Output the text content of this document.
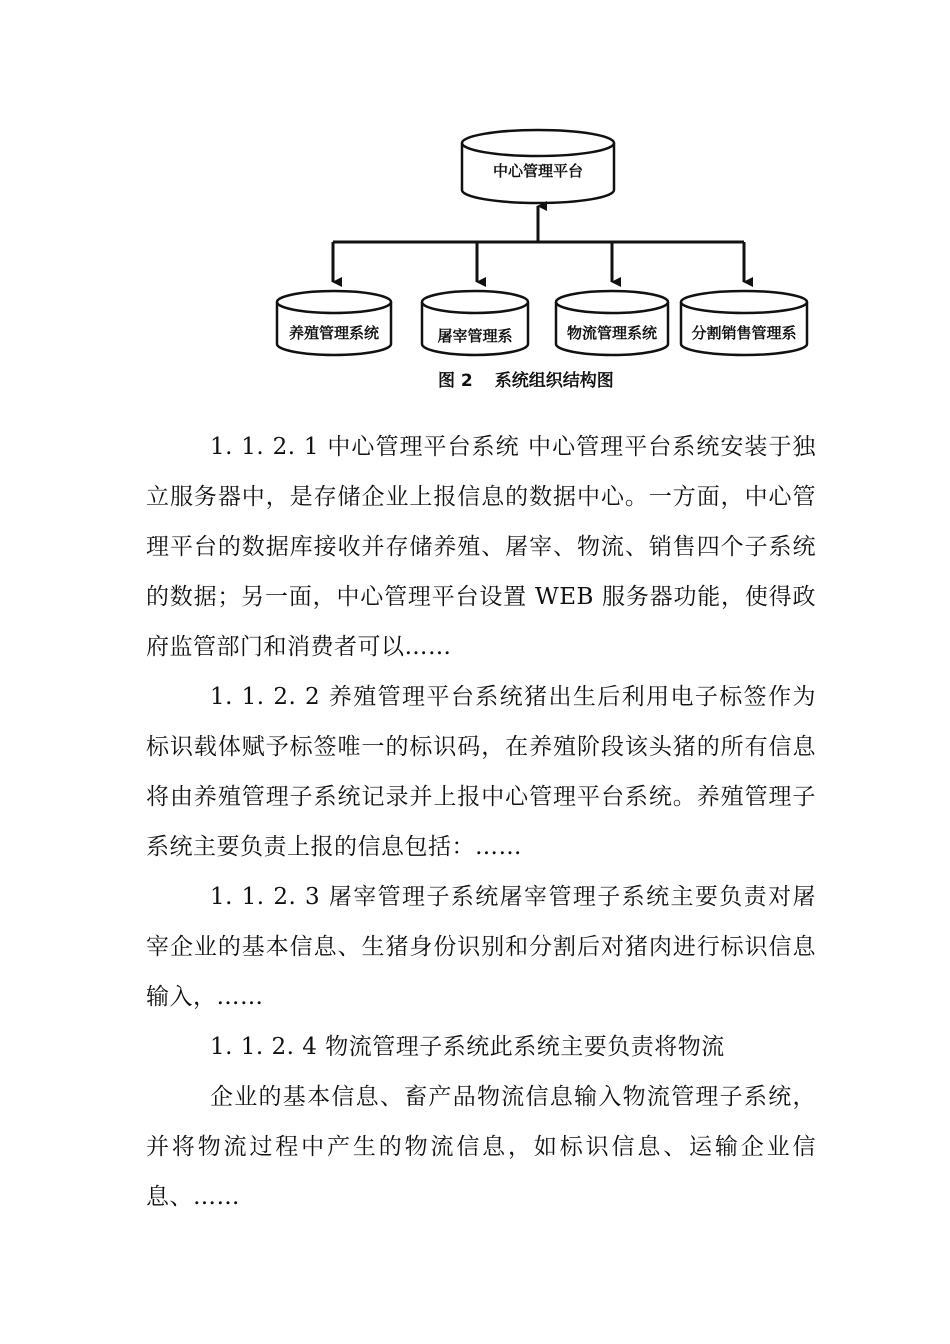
中心管理平台
养殖管理系统	屠宰管理系	物流管理系统	分割销售管理系
图 2 系统组织结构图

1. 1. 2. 1 中心管理平台系统 中心管理平台系统安装于独立服务器中，是存储企业上报信息的数据中心。一方面，中心管理平台的数据库接收并存储养殖、屠宰、物流、销售四个子系统的数据；另一面，中心管理平台设置 WEB 服务器功能，使得政府监管部门和消费者可以……

1. 1. 2. 2 养殖管理平台系统猪出生后利用电子标签作为标识载体赋予标签唯一的标识码，在养殖阶段该头猪的所有信息将由养殖管理子系统记录并上报中心管理平台系统。养殖管理子系统主要负责上报的信息包括：……

1. 1. 2. 3 屠宰管理子系统屠宰管理子系统主要负责对屠宰企业的基本信息、生猪身份识别和分割后对猪肉进行标识信息输入，……

1. 1. 2. 4 物流管理子系统此系统主要负责将物流

企业的基本信息、畜产品物流信息输入物流管理子系统，并将物流过程中产生的物流信息，如标识信息、运输企业信息、……
